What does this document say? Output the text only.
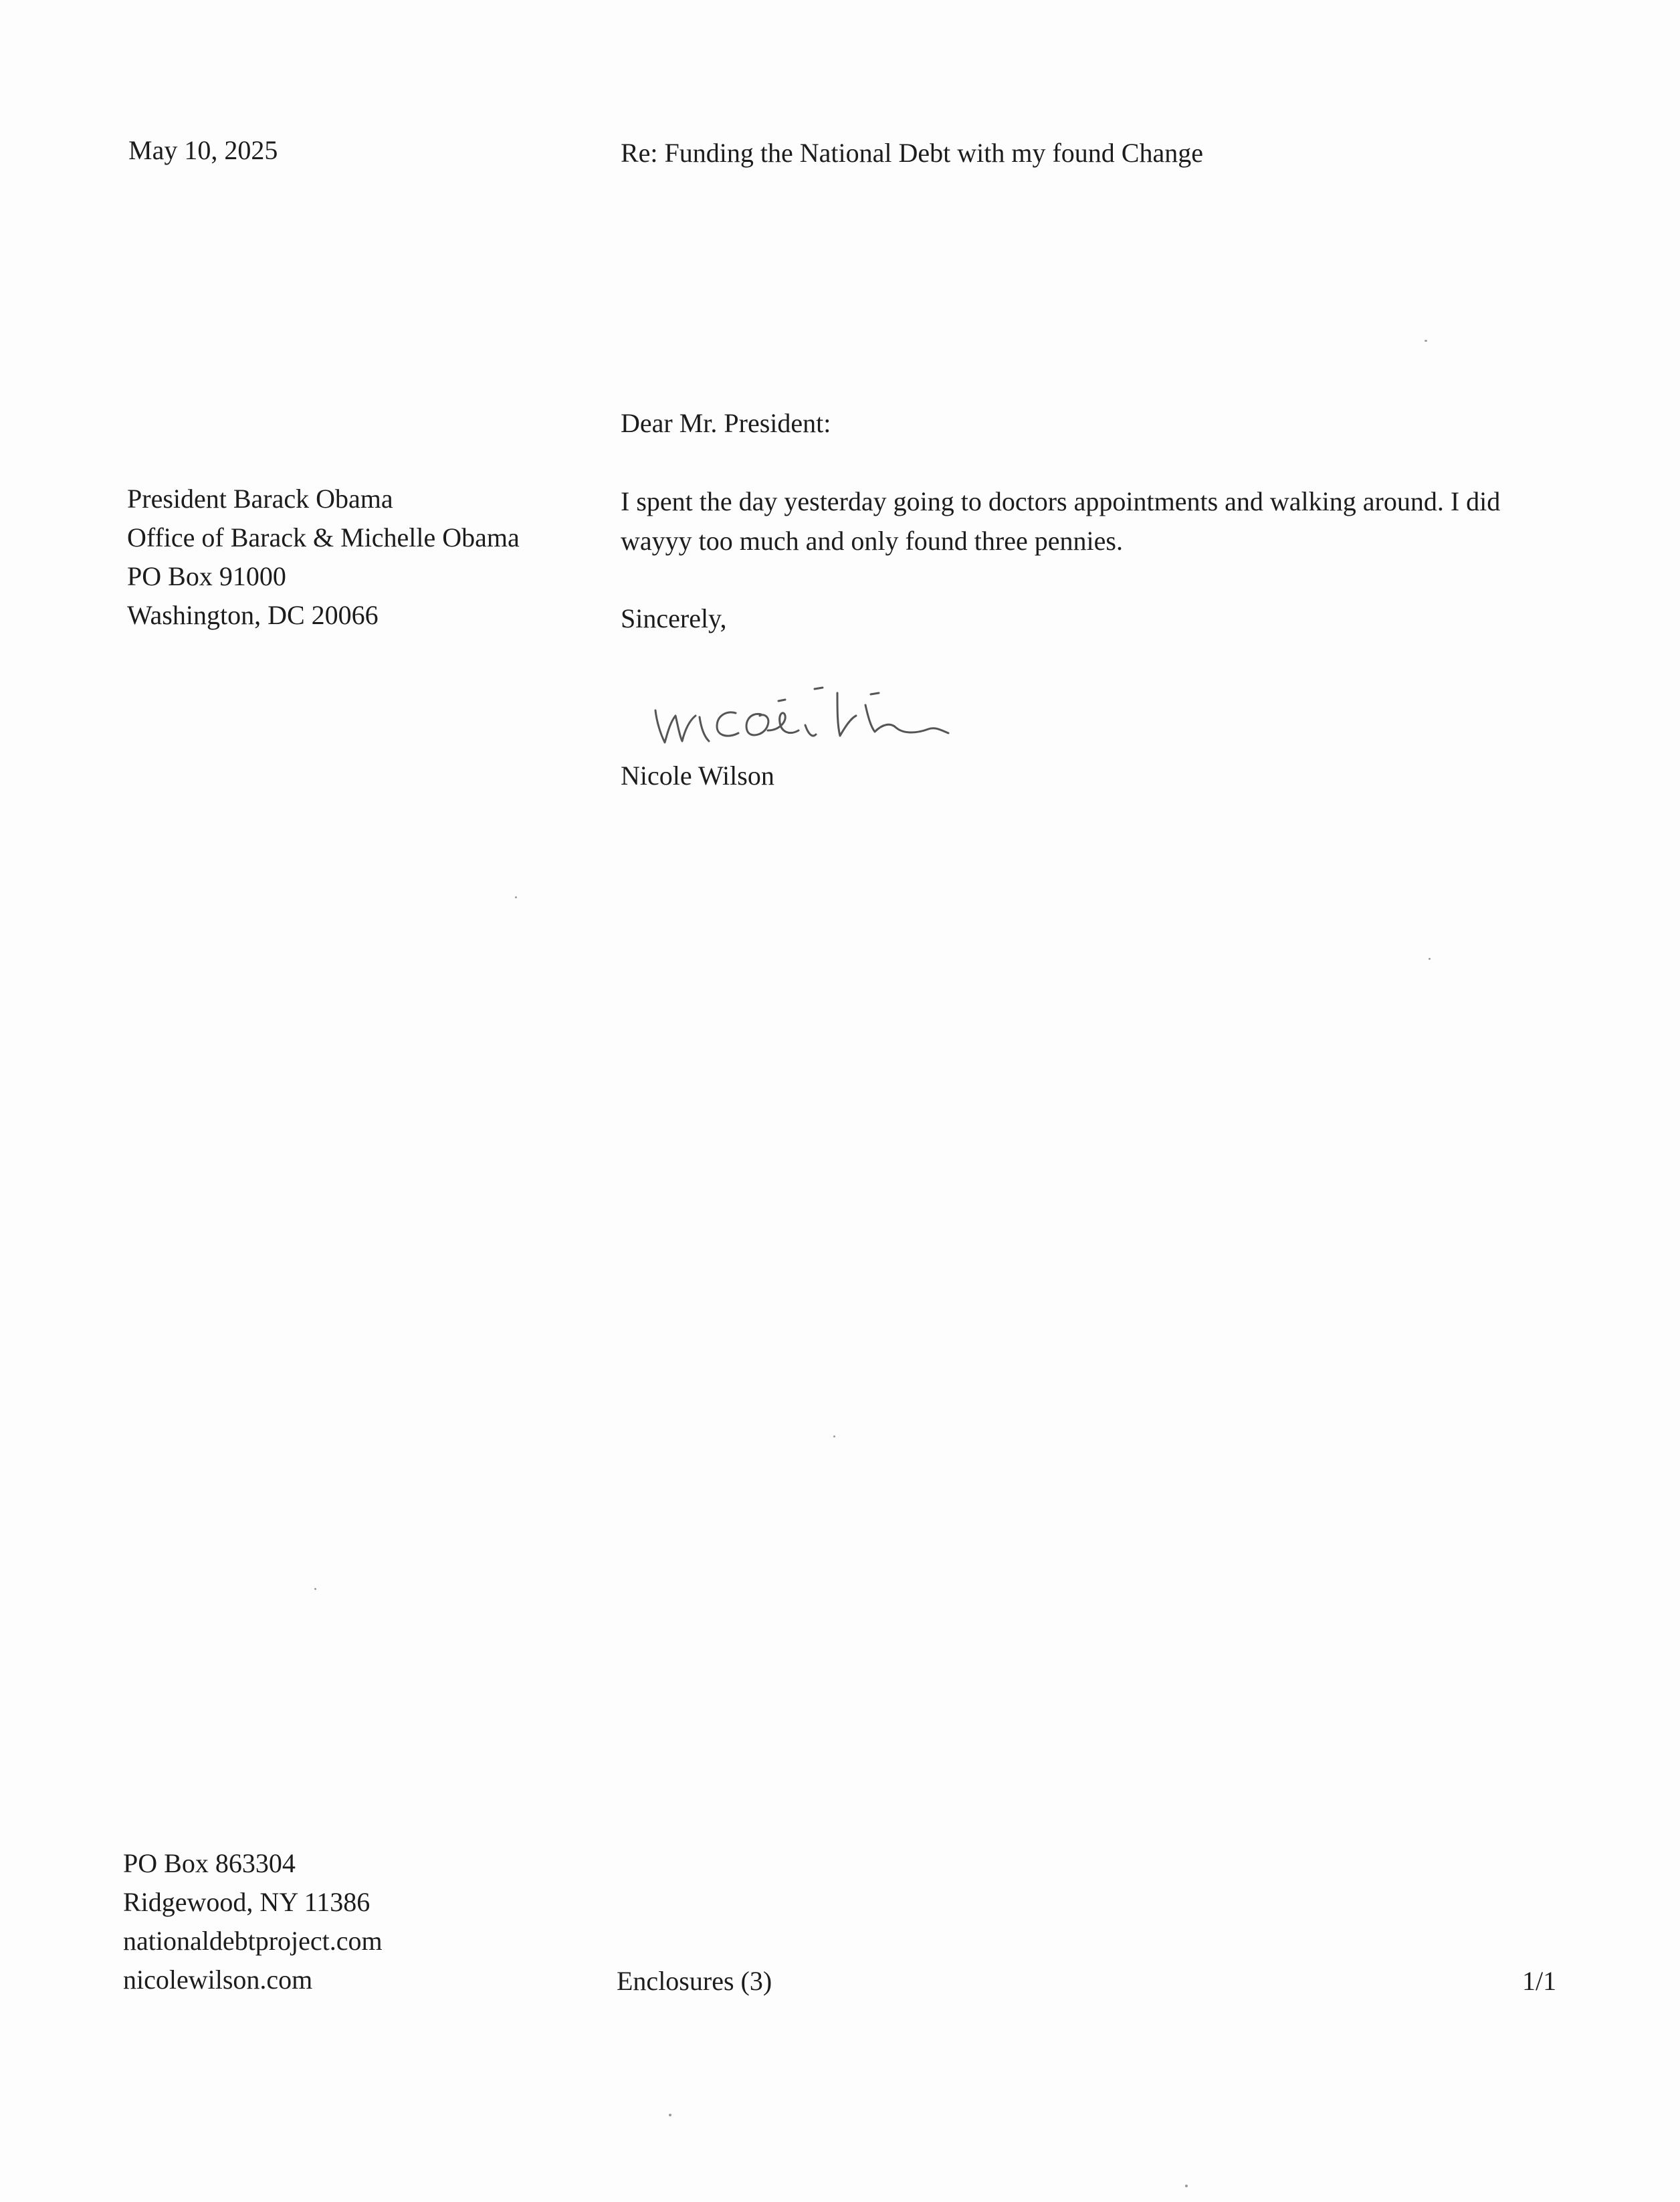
May 10, 2025	Re: Funding the National Debt with my found Change
Dear Mr. President:
President Barack Obama
Office of Barack & Michelle Obama
PO Box 91000
Washington, DC 20066
I spent the day yesterday going to doctors appointments and walking around. I did
wayyy too much and only found three pennies.
Sincerely,
Nicole Wilson
PO Box 863304
Ridgewood, NY 11386
nationaldebtproject.com
nicolewilson.com	Enclosures (3)	1/1
